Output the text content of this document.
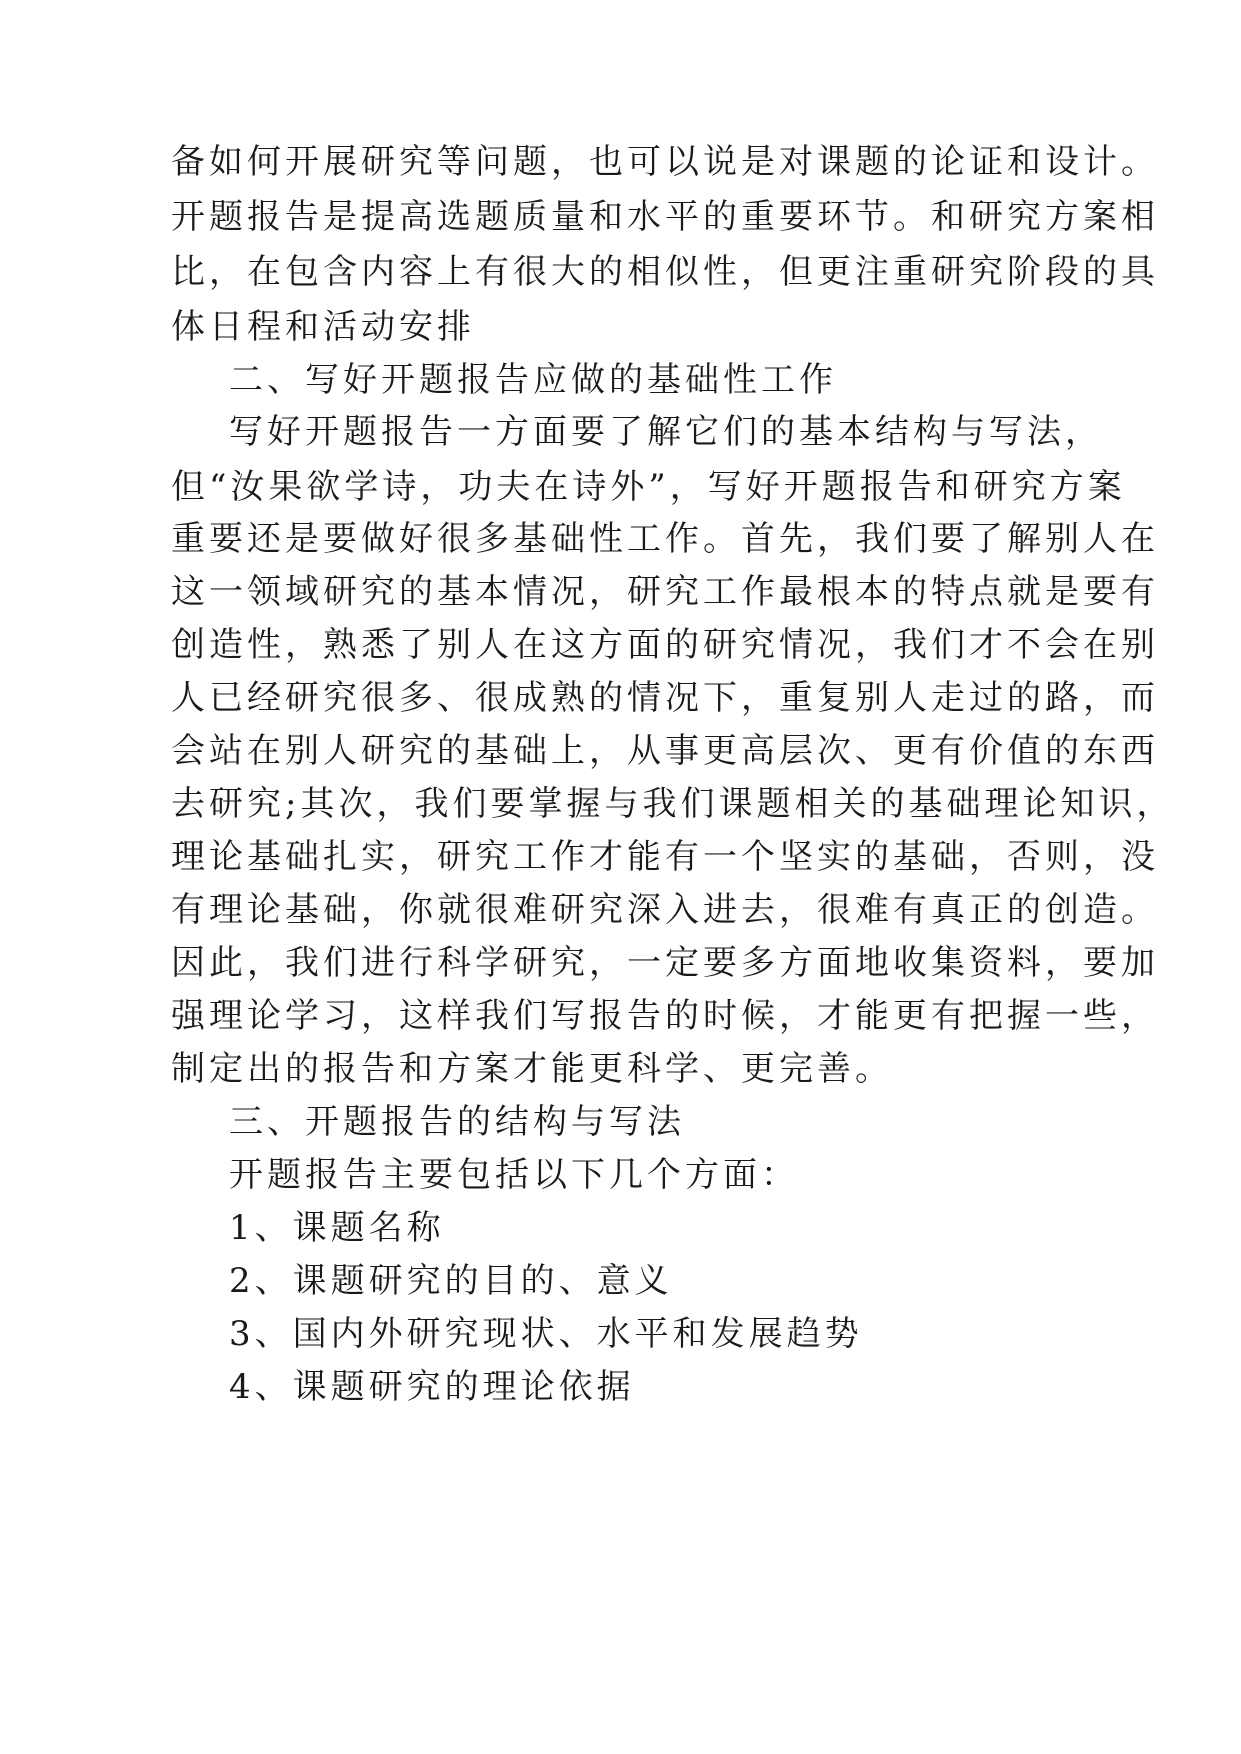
备如何开展研究等问题，也可以说是对课题的论证和设计。
开题报告是提高选题质量和水平的重要环节。和研究方案相
比，在包含内容上有很大的相似性，但更注重研究阶段的具
体日程和活动安排
二、写好开题报告应做的基础性工作
写好开题报告一方面要了解它们的基本结构与写法，
但“汝果欲学诗，功夫在诗外”，写好开题报告和研究方案
重要还是要做好很多基础性工作。首先，我们要了解别人在
这一领域研究的基本情况，研究工作最根本的特点就是要有
创造性，熟悉了别人在这方面的研究情况，我们才不会在别
人已经研究很多、很成熟的情况下，重复别人走过的路，而
会站在别人研究的基础上，从事更高层次、更有价值的东西
去研究;其次，我们要掌握与我们课题相关的基础理论知识，
理论基础扎实，研究工作才能有一个坚实的基础，否则，没
有理论基础，你就很难研究深入进去，很难有真正的创造。
因此，我们进行科学研究，一定要多方面地收集资料，要加
强理论学习，这样我们写报告的时候，才能更有把握一些，
制定出的报告和方案才能更科学、更完善。
三、开题报告的结构与写法
开题报告主要包括以下几个方面：
1、课题名称
2、课题研究的目的、意义
3、国内外研究现状、水平和发展趋势
4、课题研究的理论依据
